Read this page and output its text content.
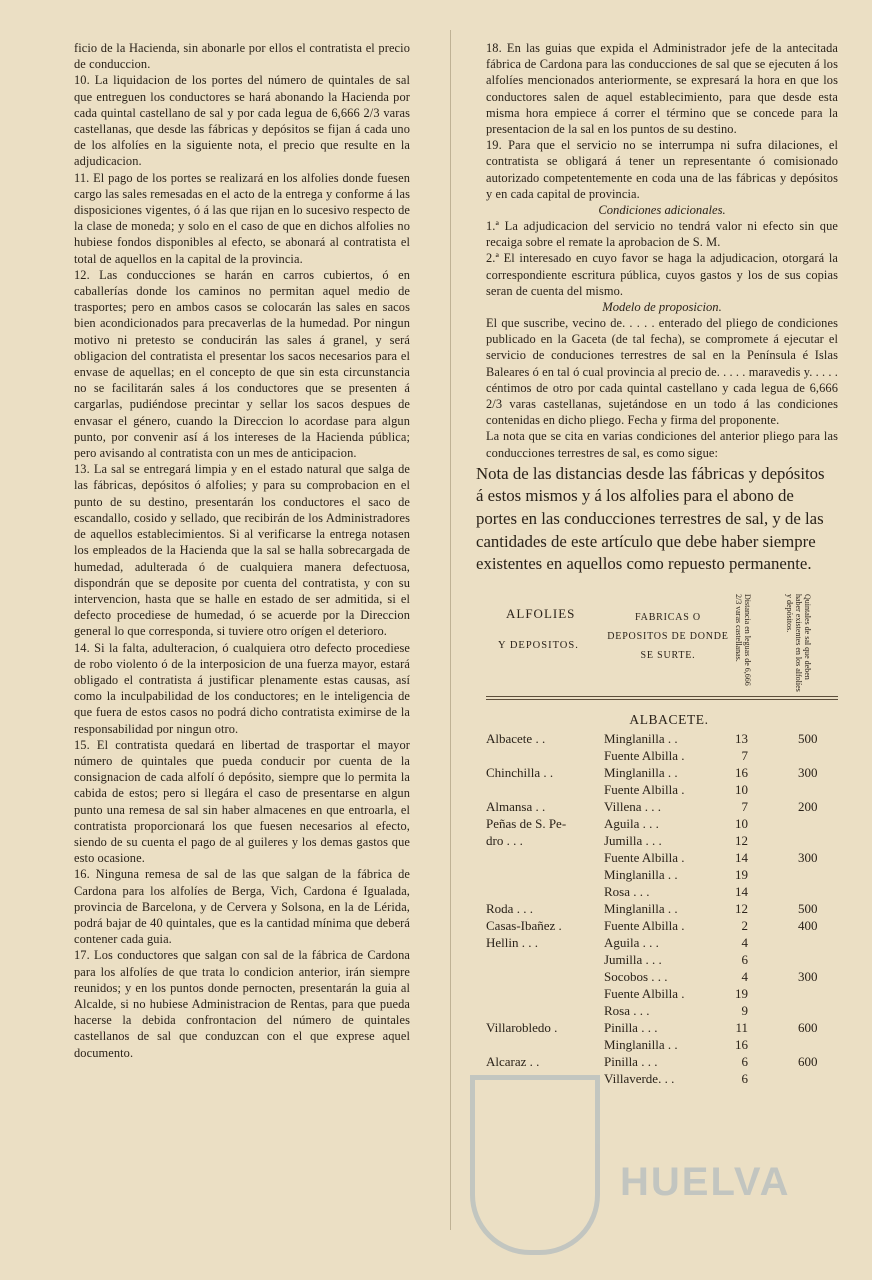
ficio de la Hacienda, sin abonarle por ellos el contratista el precio de conduccion.

10. La liquidacion de los portes del número de quintales de sal que entreguen los conductores se hará abonando la Hacienda por cada quintal castellano de sal y por cada legua de 6,666 2/3 varas castellanas, que desde las fábricas y depósitos se fijan á cada uno de los alfolíes en la siguiente nota, el precio que resulte en la adjudicacion.

11. El pago de los portes se realizará en los alfolies donde fuesen cargo las sales remesadas en el acto de la entrega y conforme á las disposiciones vigentes, ó á las que rijan en lo sucesivo respecto de la clase de moneda; y solo en el caso de que en dichos alfolies no hubiese fondos disponibles al efecto, se abonará al contratista el total de aquellos en la capital de la provincia.

12. Las conducciones se harán en carros cubiertos, ó en caballerías donde los caminos no permitan aquel medio de trasportes; pero en ambos casos se colocarán las sales en sacos bien acondicionados para precaverlas de la humedad. Por ningun motivo ni pretesto se conducirán las sales á granel, y será obligacion del contratista el presentar los sacos necesarios para el envase de aquellas; en el concepto de que sin esta circunstancia no se facilitarán sales á los conductores que se presenten á cargarlas, pudiéndose precintar y sellar los sacos despues de envasar el género, cuando la Direccion lo acordase para algun punto, por convenir así á los intereses de la Hacienda pública; pero avisando al contratista con un mes de anticipacion.

13. La sal se entregará limpia y en el estado natural que salga de las fábricas, depósitos ó alfolies; y para su comprobacion en el punto de su destino, presentarán los conductores el saco de escandallo, cosido y sellado, que recibirán de los Administradores de aquellos establecimientos. Si al verificarse la entrega notasen los empleados de la Hacienda que la sal se halla sobrecargada de humedad, adulterada ó de cualquiera manera defectuosa, dispondrán que se deposite por cuenta del contratista, y con su intervencion, hasta que se halle en estado de ser admitida, si el defecto procediese de humedad, ó se acuerde por la Direccion general lo que corresponda, si tuviere otro orígen el deterioro.

14. Si la falta, adulteracion, ó cualquiera otro defecto procediese de robo violento ó de la interposicion de una fuerza mayor, estará obligado el contratista á justificar plenamente estas causas, así como la inculpabilidad de los conductores; en le inteligencia de que fuera de estos casos no podrá dicho contratista eximirse de la responsabilidad por ningun otro.

15. El contratista quedará en libertad de trasportar el mayor número de quintales que pueda conducir por cuenta de la consignacion de cada alfolí ó depósito, siempre que lo permita la cabida de estos; pero si llegára el caso de presentarse en algun punto una remesa de sal sin haber almacenes en que entroarla, el contratista proporcionará los que fuesen necesarios al efecto, siendo de su cuenta el pago de al guileres y los demas gastos que esto ocasione.

16. Ninguna remesa de sal de las que salgan de la fábrica de Cardona para los alfolíes de Berga, Vich, Cardona é Igualada, provincia de Barcelona, y de Cervera y Solsona, en la de Lérida, podrá bajar de 40 quintales, que es la cantidad mínima que deberá contener cada guia.

17. Los conductores que salgan con sal de la fábrica de Cardona para los alfolíes de que trata lo condicion anterior, irán siempre reunidos; y en los puntos donde pernocten, presentarán la guia al Alcalde, si no hubiese Administracion de Rentas, para que pueda hacerse la debida confrontacion del número de quintales castellanos de sal que conduzcan con el que exprese aquel documento.

18. En las guias que expida el Administrador jefe de la antecitada fábrica de Cardona para las conducciones de sal que se ejecuten á los alfolíes mencionados anteriormente, se expresará la hora en que los conductores salen de aquel establecimiento, para que desde esta misma hora empiece á correr el término que se concede para la presentacion de la sal en los puntos de su destino.

19. Para que el servicio no se interrumpa ni sufra dilaciones, el contratista se obligará á tener un representante ó comisionado autorizado competentemente en coda una de las fábricas y depósitos y en cada capital de provincia.

Condiciones adicionales.

1.ª La adjudicacion del servicio no tendrá valor ni efecto sin que recaiga sobre el remate la aprobacion de S. M.

2.ª El interesado en cuyo favor se haga la adjudicacion, otorgará la correspondiente escritura pública, cuyos gastos y los de sus copias seran de cuenta del mismo.

Modelo de proposicion.

El que suscribe, vecino de. . . . . enterado del pliego de condiciones publicado en la Gaceta (de tal fecha), se compromete á ejecutar el servicio de conduciones terrestres de sal en la Península é Islas Baleares ó en tal ó cual provincia al precio de. . . . . maravedis y. . . . . céntimos de otro por cada quintal castellano y cada legua de 6,666 2/3 varas castellanas, sujetándose en un todo á las condiciones contenidas en dicho pliego. Fecha y firma del proponente.

La nota que se cita en varias condiciones del anterior pliego para las conducciones terrestres de sal, es como sigue:

Nota de las distancias desde las fábricas y depósitos á estos mismos y á los alfolies para el abono de portes en las conducciones terrestres de sal, y de las cantidades de este artículo que debe haber siempre existentes en aquellos como repuesto permanente.

ALFOLIES
Y DEPOSITOS.
FABRICAS O DEPOSITOS DE DONDE SE SURTE.	Distancia en leguas de 6,666 2/3 varas castellanas.	Quintales de sal que deben haber existentes en los alfolíes y depósitos.
ALBACETE.
Albacete . .	Minglanilla . .	13	500
Fuente Albilla .	7
Chinchilla . .	Minglanilla . .	16	300
Fuente Albilla .	10
Almansa . .	Villena . . .	7	200
Peñas de S. Pe-	Aguila . . .	10
dro . . .	Jumilla . . .	12
Fuente Albilla .	14	300
Minglanilla . .	19
Rosa . . .	14
Roda . . .	Minglanilla . .	12	500
Casas-Ibañez .	Fuente Albilla .	2	400
Hellin . . .	Aguila . . .	4
Jumilla . . .	6
Socobos . . .	4	300
Fuente Albilla .	19
Rosa . . .	9
Villarobledo .	Pinilla . . .	11	600
Minglanilla . .	16
Alcaraz . .	Pinilla . . .	6	600
Villaverde. . .	6
HUELVA
